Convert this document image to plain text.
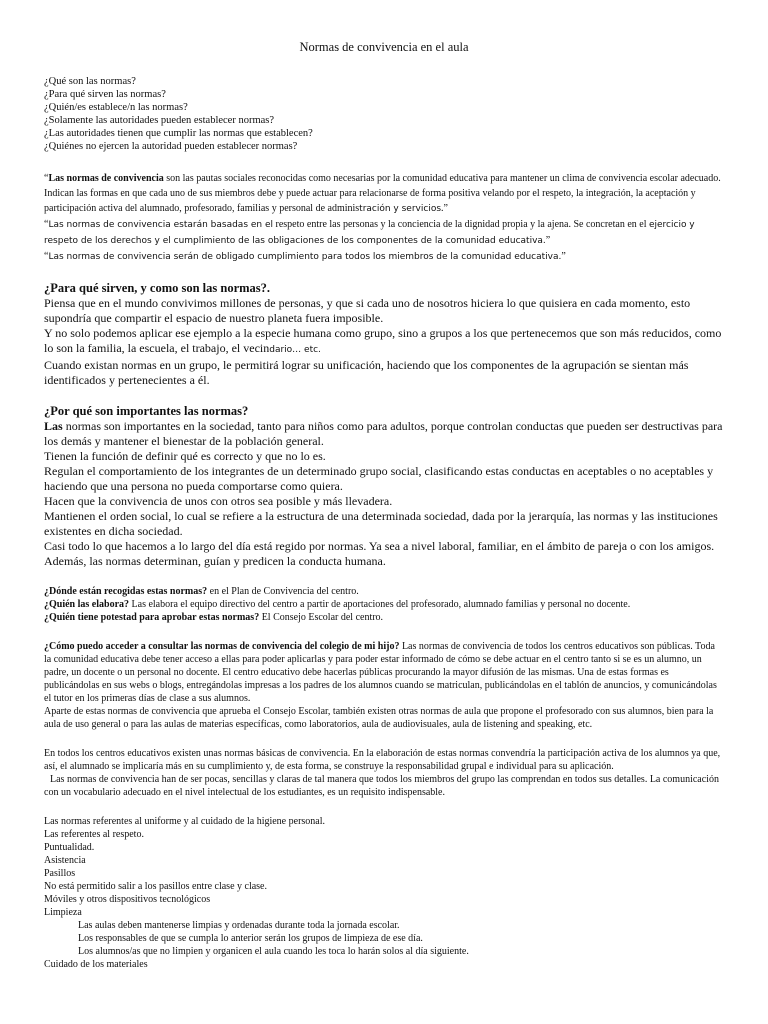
Normas de convivencia en el aula
¿Qué son las normas?
¿Para qué sirven las normas?
¿Quién/es establece/n las normas?
¿Solamente las autoridades pueden establecer normas?
¿Las autoridades tienen que cumplir las normas que establecen?
¿Quiénes no ejercen la autoridad pueden establecer normas?

“Las normas de convivencia son las pautas sociales reconocidas como necesarias por la comunidad educativa para mantener un clima de convivencia escolar adecuado. Indican las formas en que cada uno de sus miembros debe y puede actuar para relacionarse de forma positiva velando por el respeto, la integración, la aceptación y participación activa del alumnado, profesorado, familias y personal de administración y servicios.”

“Las normas de convivencia estarán basadas en el respeto entre las personas y la conciencia de la dignidad propia y la ajena. Se concretan en el ejercicio y respeto de los derechos y el cumplimiento de las obligaciones de los componentes de la comunidad educativa.”

“Las normas de convivencia serán de obligado cumplimiento para todos los miembros de la comunidad educativa.”

¿Para qué sirven, y como son las normas?.

Piensa que en el mundo convivimos millones de personas, y que si cada uno de nosotros hiciera lo que quisiera en cada momento, esto supondría que compartir el espacio de nuestro planeta fuera imposible.

Y no solo podemos aplicar ese ejemplo a la especie humana como grupo, sino a grupos a los que pertenecemos que son más reducidos, como lo son la familia, la escuela, el trabajo, el vecindario… etc.

Cuando existan normas en un grupo, le permitirá lograr su unificación, haciendo que los componentes de la agrupación se sientan más identificados y pertenecientes a él.

¿Por qué son importantes las normas?

Las normas son importantes en la sociedad, tanto para niños como para adultos, porque controlan conductas que pueden ser destructivas para los demás y mantener el bienestar de la población general.

Tienen la función de definir qué es correcto y que no lo es.

Regulan el comportamiento de los integrantes de un determinado grupo social, clasificando estas conductas en aceptables o no aceptables y haciendo que una persona no pueda comportarse como quiera.

Hacen que la convivencia de unos con otros sea posible y más llevadera.

Mantienen el orden social, lo cual se refiere a la estructura de una determinada sociedad, dada por la jerarquía, las normas y las instituciones existentes en dicha sociedad.

Casi todo lo que hacemos a lo largo del día está regido por normas. Ya sea a nivel laboral, familiar, en el ámbito de pareja o con los amigos. Además, las normas determinan, guían y predicen la conducta humana.

¿Dónde están recogidas estas normas? en el Plan de Convivencia del centro.

¿Quién las elabora? Las elabora el equipo directivo del centro a partir de aportaciones del profesorado, alumnado familias y personal no docente.

¿Quién tiene potestad para aprobar estas normas? El Consejo Escolar del centro.

¿Cómo puedo acceder a consultar las normas de convivencia del colegio de mi hijo? Las normas de convivencia de todos los centros educativos son públicas. Toda la comunidad educativa debe tener acceso a ellas para poder aplicarlas y para poder estar informado de cómo se debe actuar en el centro tanto si se es un alumno, un padre, un docente o un personal no docente. El centro educativo debe hacerlas públicas procurando la mayor difusión de las mismas. Una de estas formas es publicándolas en sus webs o blogs, entregándolas impresas a los padres de los alumnos cuando se matriculan, publicándolas en el tablón de anuncios, y comunicándolas el tutor en los primeras días de clase a sus alumnos.

Aparte de estas normas de convivencia que aprueba el Consejo Escolar, también existen otras normas de aula que propone el profesorado con sus alumnos, bien para la aula de uso general o para las aulas de materias específicas, como laboratorios, aula de audiovisuales, aula de listening and speaking, etc.

En todos los centros educativos existen unas normas básicas de convivencia. En la elaboración de estas normas convendría la participación activa de los alumnos ya que, así, el alumnado se implicaría más en su cumplimiento y, de esta forma, se construye la responsabilidad grupal e individual para su aplicación.

Las normas de convivencia han de ser pocas, sencillas y claras de tal manera que todos los miembros del grupo las comprendan en todos sus detalles. La comunicación con un vocabulario adecuado en el nivel intelectual de los estudiantes, es un requisito indispensable.

Las normas referentes al uniforme y al cuidado de la higiene personal.

Las referentes al respeto.

Puntualidad.

Asistencia

Pasillos

No está permitido salir a los pasillos entre clase y clase.

Móviles y otros dispositivos tecnológicos

Limpieza

Las aulas deben mantenerse limpias y ordenadas durante toda la jornada escolar.

Los responsables de que se cumpla lo anterior serán los grupos de limpieza de ese día.

Los alumnos/as que no limpien y organicen el aula cuando les toca lo harán solos al día siguiente.

Cuidado de los materiales
